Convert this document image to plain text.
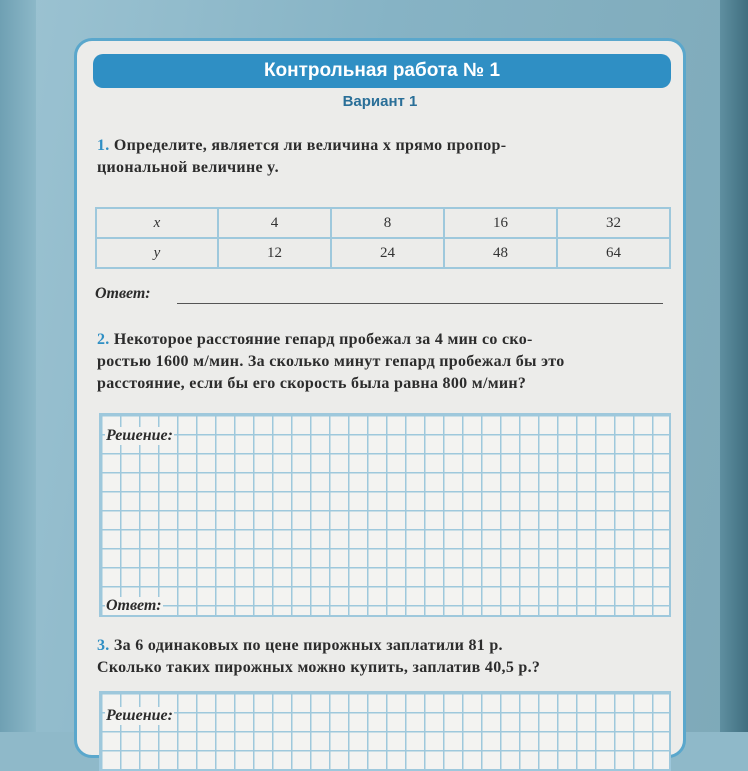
Контрольная работа № 1
Вариант 1
1. Определите, является ли величина x прямо пропор-
циональной величине y.
x	4	8	16	32
y	12	24	48	64
Ответ:
2. Некоторое расстояние гепард пробежал за 4 мин со ско-
ростью 1600 м/мин. За сколько минут гепард пробежал бы это
расстояние, если бы его скорость была равна 800 м/мин?
Решение:
Ответ:
3. За 6 одинаковых по цене пирожных заплатили 81 р.
Сколько таких пирожных можно купить, заплатив 40,5 р.?
Решение:
